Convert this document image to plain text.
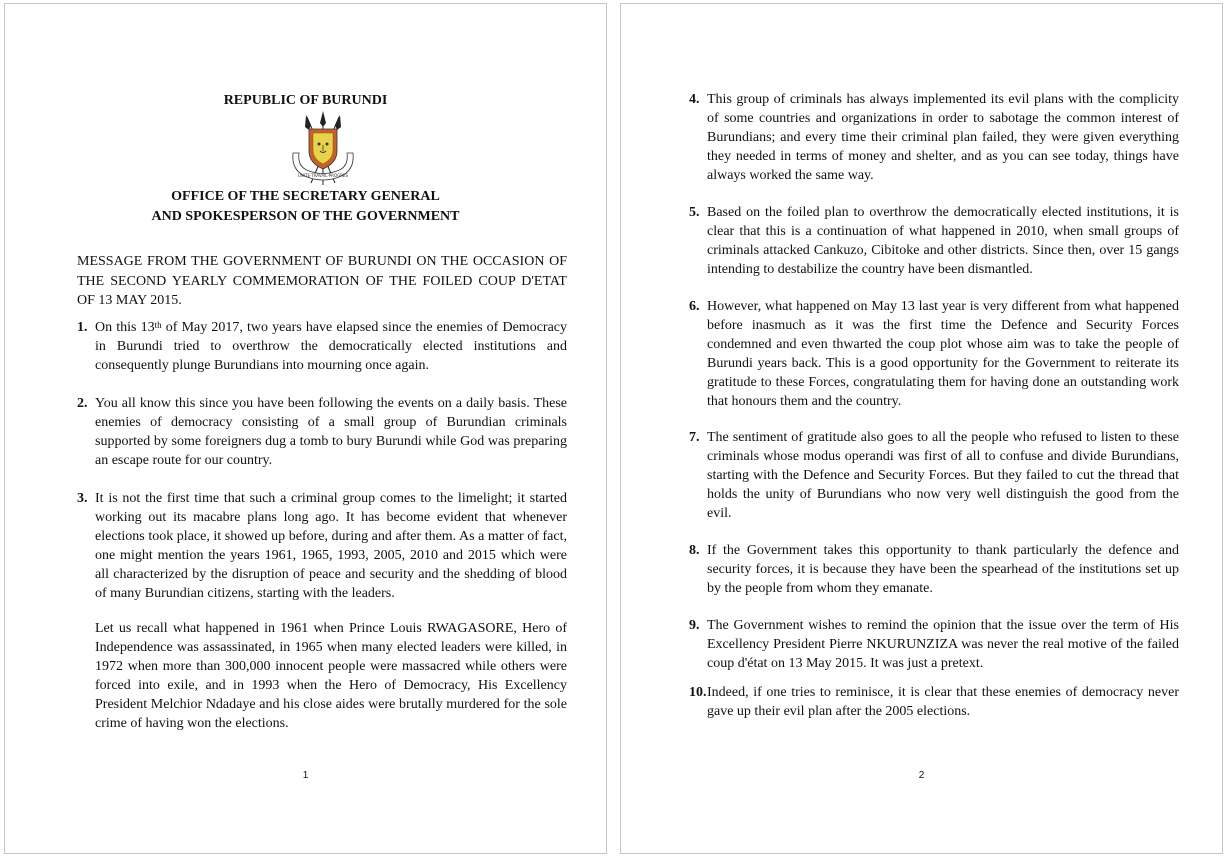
REPUBLIC OF BURUNDI
UNITE·TRAVAIL·PROGRES
OFFICE OF THE SECRETARY GENERAL
AND SPOKESPERSON OF THE GOVERNMENT
MESSAGE FROM THE GOVERNMENT OF BURUNDI ON THE OCCASION OF THE SECOND YEARLY COMMEMORATION OF THE FOILED COUP D'ETAT OF 13 MAY 2015.
1. On this 13th of May 2017, two years have elapsed since the enemies of Democracy in Burundi tried to overthrow the democratically elected institutions and consequently plunge Burundians into mourning once again.
2. You all know this since you have been following the events on a daily basis. These enemies of democracy consisting of a small group of Burundian criminals supported by some foreigners dug a tomb to bury Burundi while God was preparing an escape route for our country.
3. It is not the first time that such a criminal group comes to the limelight; it started working out its macabre plans long ago. It has become evident that whenever elections took place, it showed up before, during and after them. As a matter of fact, one might mention the years 1961, 1965, 1993, 2005, 2010 and 2015 which were all characterized by the disruption of peace and security and the shedding of blood of many Burundian citizens, starting with the leaders.
Let us recall what happened in 1961 when Prince Louis RWAGASORE, Hero of Independence was assassinated, in 1965 when many elected leaders were killed, in 1972 when more than 300,000 innocent people were massacred while others were forced into exile, and in 1993 when the Hero of Democracy, His Excellency President Melchior Ndadaye and his close aides were brutally murdered for the sole crime of having won the elections.
1
4. This group of criminals has always implemented its evil plans with the complicity of some countries and organizations in order to sabotage the common interest of Burundians; and every time their criminal plan failed, they were given everything they needed in terms of money and shelter, and as you can see today, things have always worked the same way.
5. Based on the foiled plan to overthrow the democratically elected institutions, it is clear that this is a continuation of what happened in 2010, when small groups of criminals attacked Cankuzo, Cibitoke and other districts. Since then, over 15 gangs intending to destabilize the country have been dismantled.
6. However, what happened on May 13 last year is very different from what happened before inasmuch as it was the first time the Defence and Security Forces condemned and even thwarted the coup plot whose aim was to take the people of Burundi years back. This is a good opportunity for the Government to reiterate its gratitude to these Forces, congratulating them for having done an outstanding work that honours them and the country.
7. The sentiment of gratitude also goes to all the people who refused to listen to these criminals whose modus operandi was first of all to confuse and divide Burundians, starting with the Defence and Security Forces. But they failed to cut the thread that holds the unity of Burundians who now very well distinguish the good from the evil.
8. If the Government takes this opportunity to thank particularly the defence and security forces, it is because they have been the spearhead of the institutions set up by the people from whom they emanate.
9. The Government wishes to remind the opinion that the issue over the term of His Excellency President Pierre NKURUNZIZA was never the real motive of the failed coup d'état on 13 May 2015. It was just a pretext.
10. Indeed, if one tries to reminisce, it is clear that these enemies of democracy never gave up their evil plan after the 2005 elections.
2
